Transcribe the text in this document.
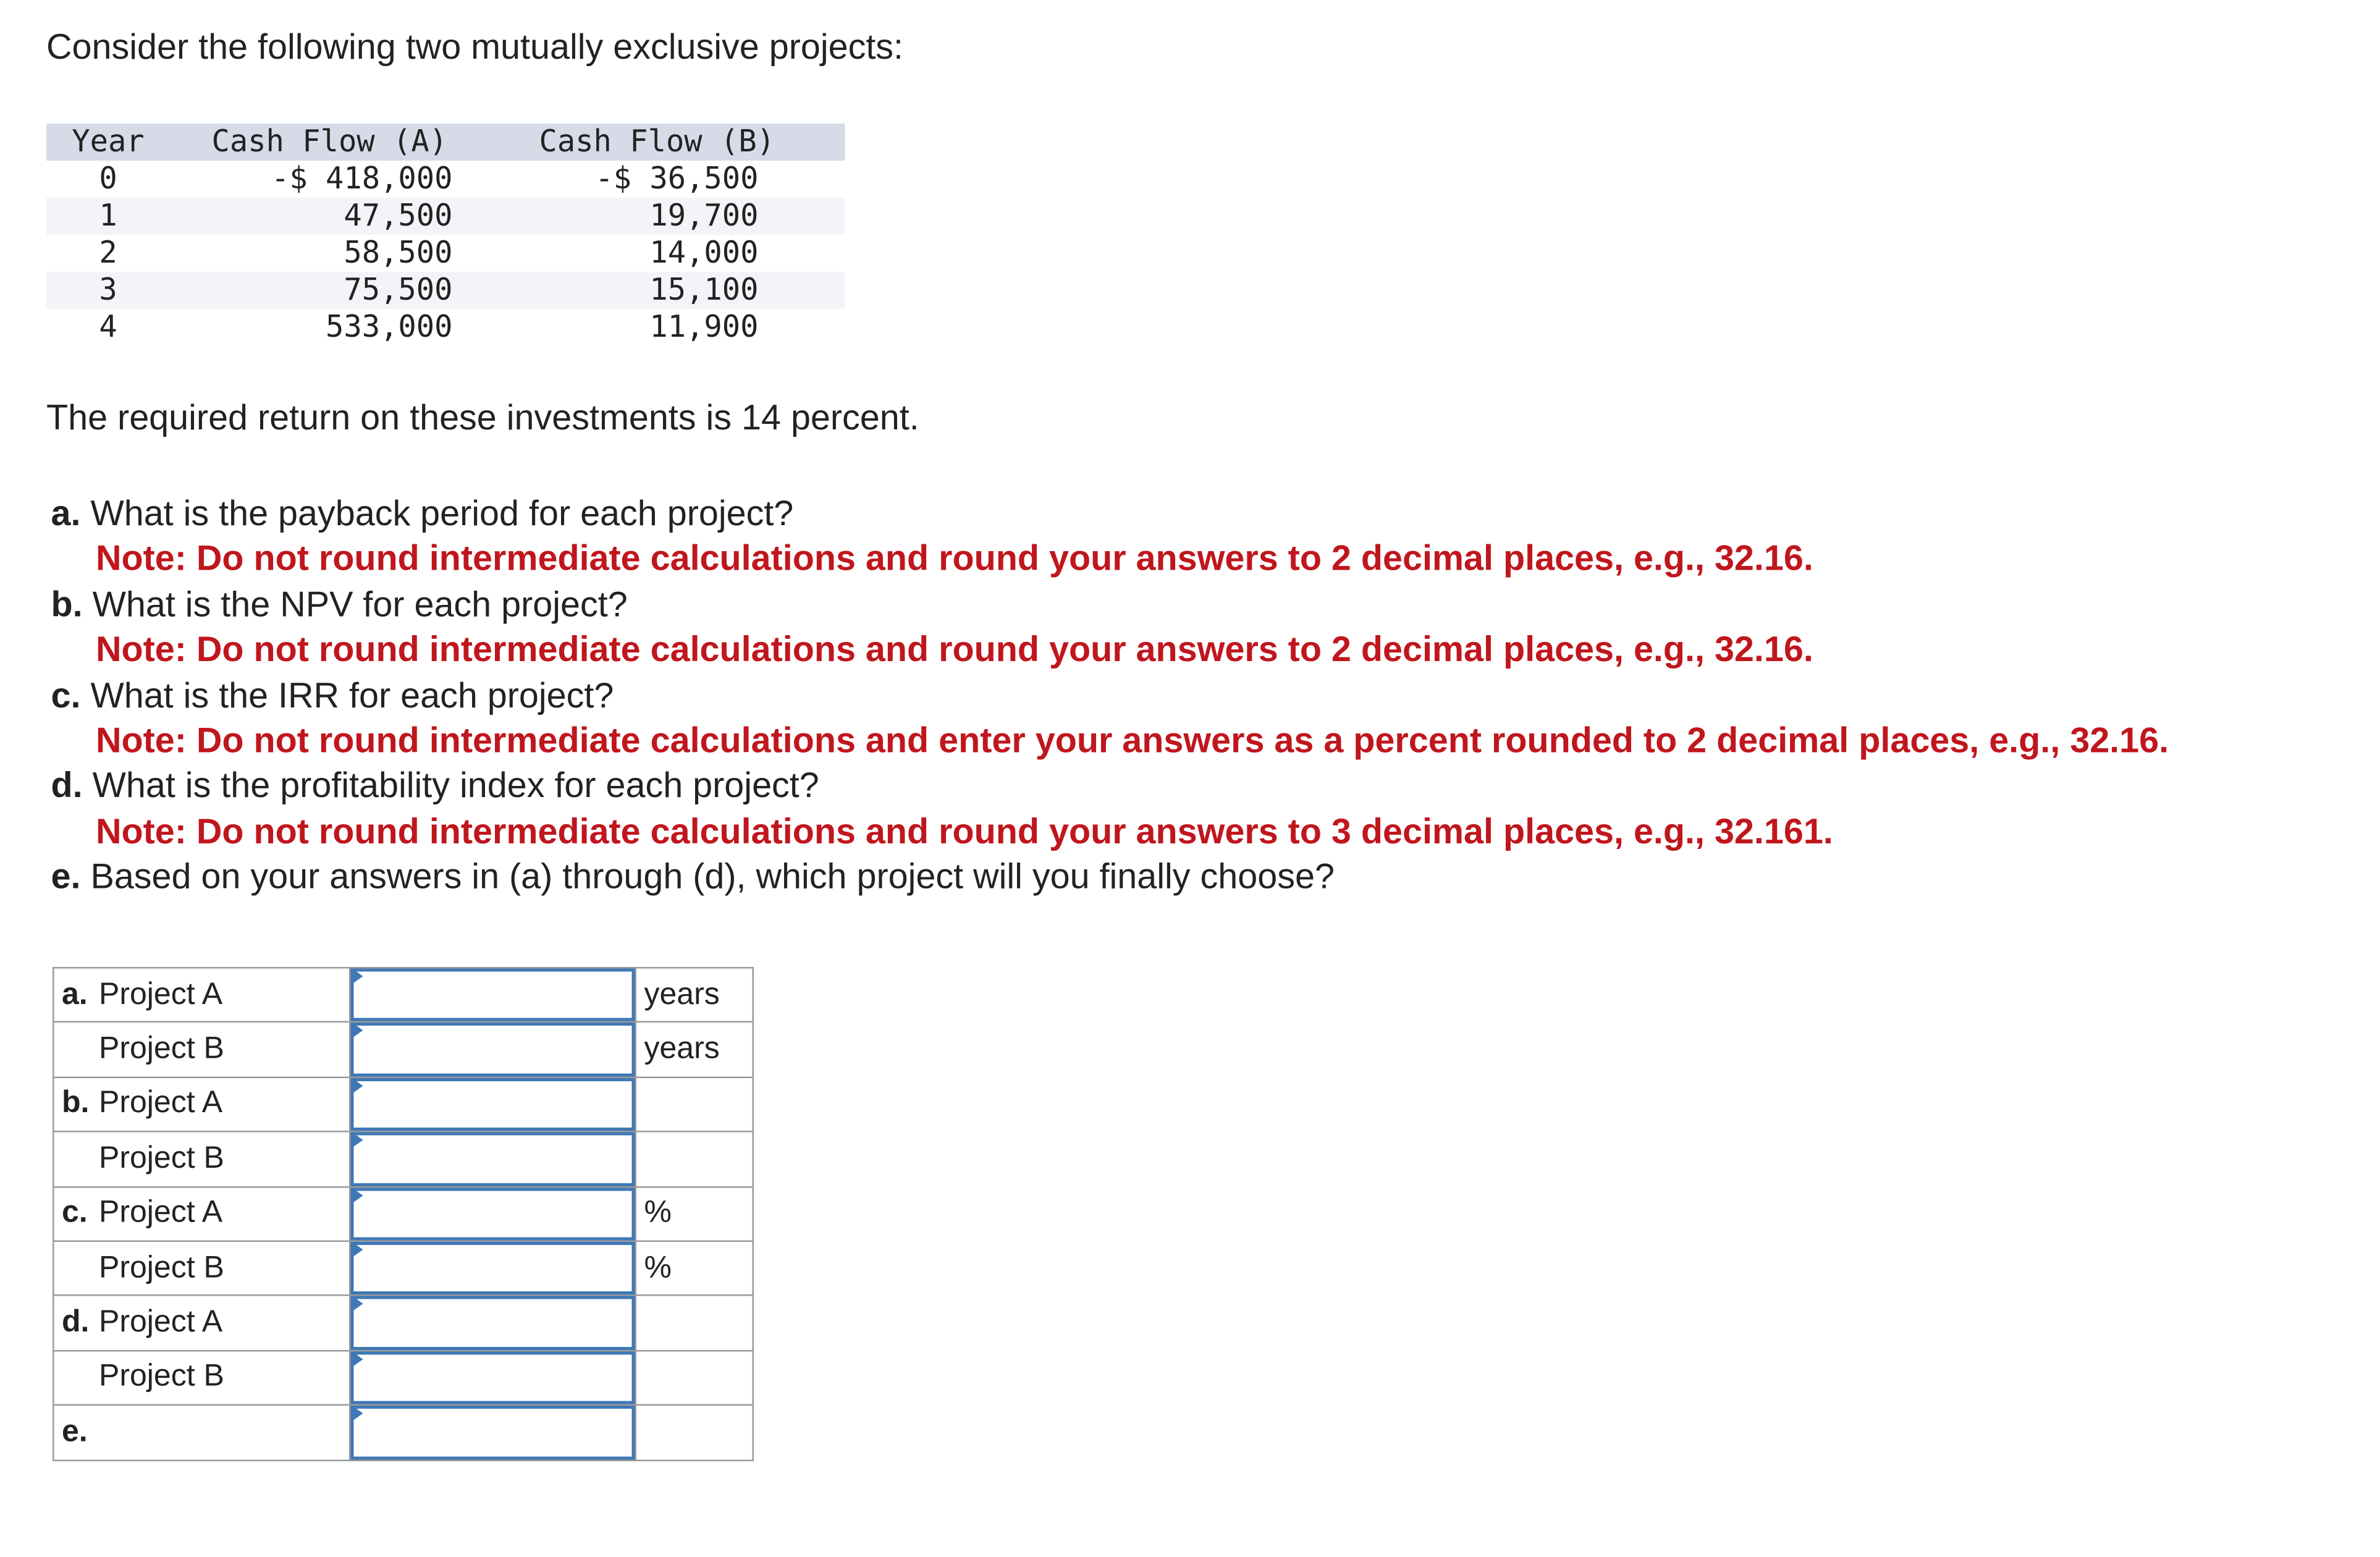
Consider the following two mutually exclusive projects:
Year	Cash Flow (A)		Cash Flow (B)
0	-$ 418,000		-$ 36,500
1	47,500		19,700
2	58,500		14,000
3	75,500		15,100
4	533,000		11,900
The required return on these investments is 14 percent.
a. What is the payback period for each project?
Note: Do not round intermediate calculations and round your answers to 2 decimal places, e.g., 32.16.
b. What is the NPV for each project?
Note: Do not round intermediate calculations and round your answers to 2 decimal places, e.g., 32.16.
c. What is the IRR for each project?
Note: Do not round intermediate calculations and enter your answers as a percent rounded to 2 decimal places, e.g., 32.16.
d. What is the profitability index for each project?
Note: Do not round intermediate calculations and round your answers to 3 decimal places, e.g., 32.161.
e. Based on your answers in (a) through (d), which project will you finally choose?
a. Project A		years
Project B		years
b. Project A	

Project B	

c. Project A		%
Project B		%
d. Project A	

Project B	

e.	
